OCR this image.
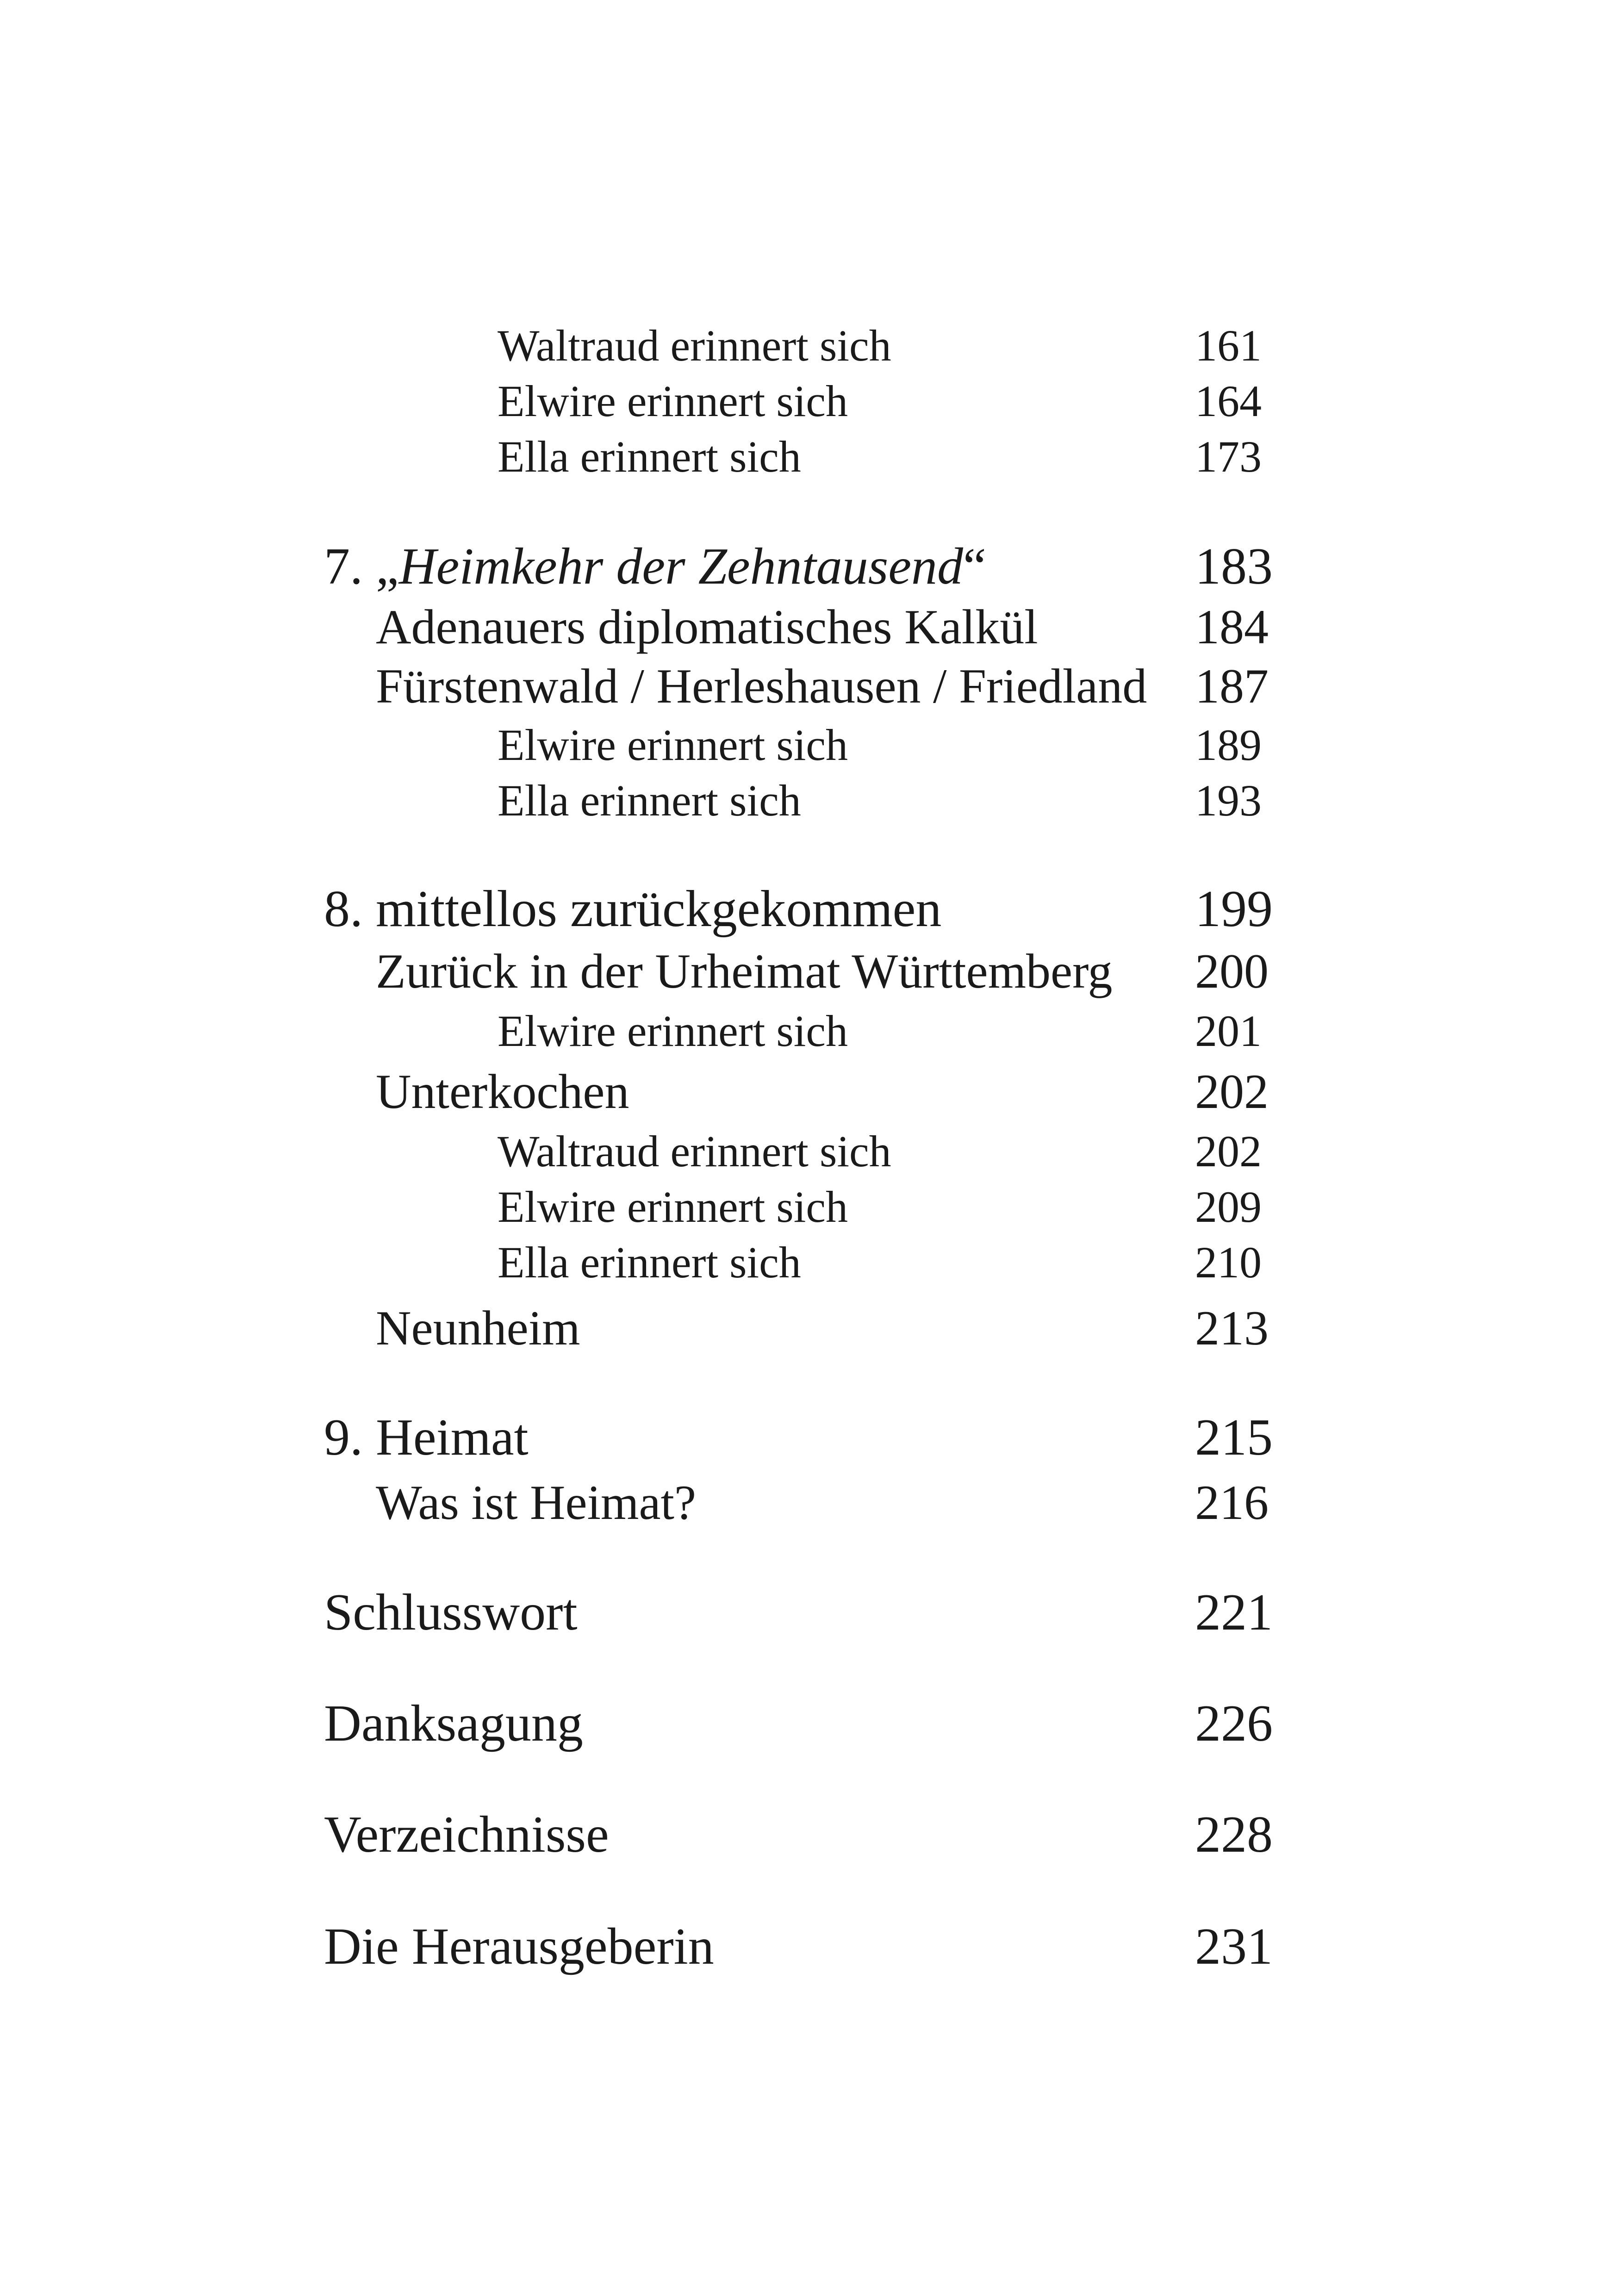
Waltraud erinnert sich	161
Elwire erinnert sich	164
Ella erinnert sich	173
7. „Heimkehr der Zehntausend“	183
Adenauers diplomatisches Kalkül	184
Fürstenwald / Herleshausen / Friedland 187
Elwire erinnert sich	189
Ella erinnert sich	193
8. mittellos zurückgekommen	199
Zurück in der Urheimat Württemberg 200
Elwire erinnert sich	201
Unterkochen	202
Waltraud erinnert sich	202
Elwire erinnert sich	209
Ella erinnert sich	210
Neunheim	213
9. Heimat	215
Was ist Heimat?	216
Schlusswort	221
Danksagung	226
Verzeichnisse	228
Die Herausgeberin	231
